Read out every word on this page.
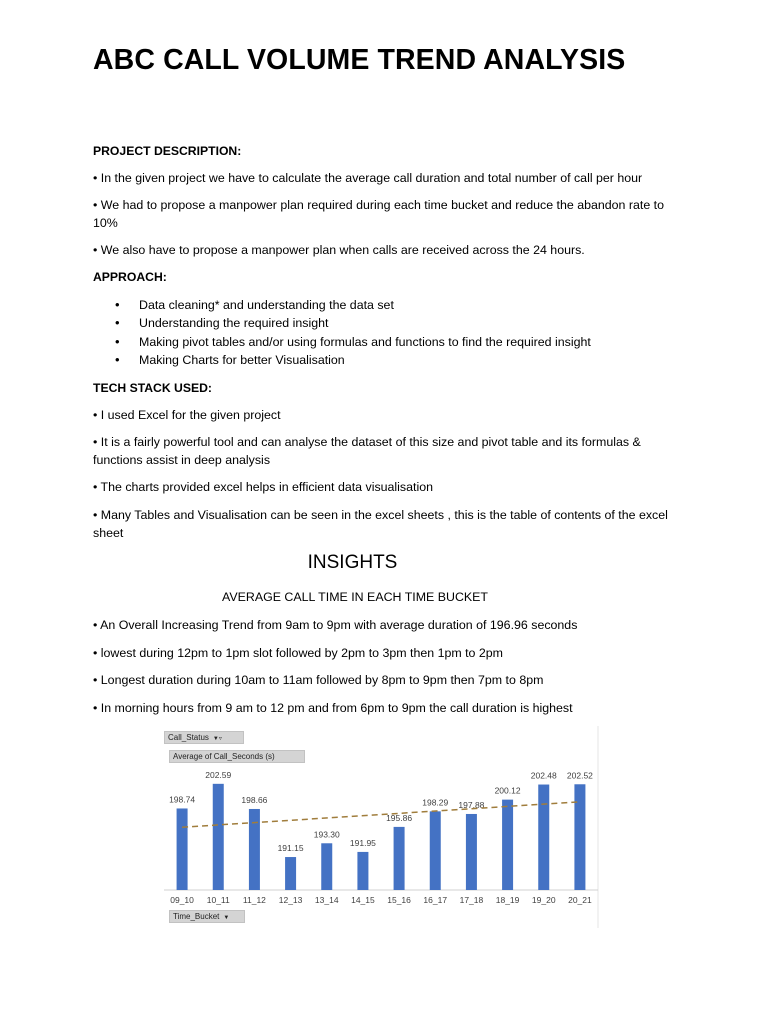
ABC CALL VOLUME TREND ANALYSIS

PROJECT DESCRIPTION:

• In the given project we have to calculate the average call duration and total number of call per hour

• We had to propose a manpower plan required during each time bucket and reduce the abandon rate to 10%

• We also have to propose a manpower plan when calls are received across the 24 hours.

APPROACH:

• Data cleaning* and understanding the data set
• Understanding the required insight
• Making pivot tables and/or using formulas and functions to find the required insight
• Making Charts for better Visualisation

TECH STACK USED:

• I used Excel for the given project

• It is a fairly powerful tool and can analyse the dataset of this size and pivot table and its formulas & functions assist in deep analysis

• The charts provided excel helps in efficient data visualisation

• Many Tables and Visualisation can be seen in the excel sheets , this is the table of contents of the excel sheet

INSIGHTS

AVERAGE CALL TIME IN EACH TIME BUCKET

• An Overall Increasing Trend from 9am to 9pm with average duration of 196.96 seconds

• lowest during 12pm to 1pm slot followed by 2pm to 3pm then 1pm to 2pm

• Longest duration during 10am to 11am followed by 8pm to 9pm then 7pm to 8pm

• In morning hours from 9 am to 12 pm and from 6pm to 9pm the call duration is highest

198.74
09_10
202.59
10_11
198.66
11_12
191.15
12_13
193.30
13_14
191.95
14_15
195.86
15_16
198.29
16_17
197.88
17_18
200.12
18_19
202.48
19_20
202.52
20_21
Call_Status ▼▿
Average of Call_Seconds (s)
Time_Bucket ▼
